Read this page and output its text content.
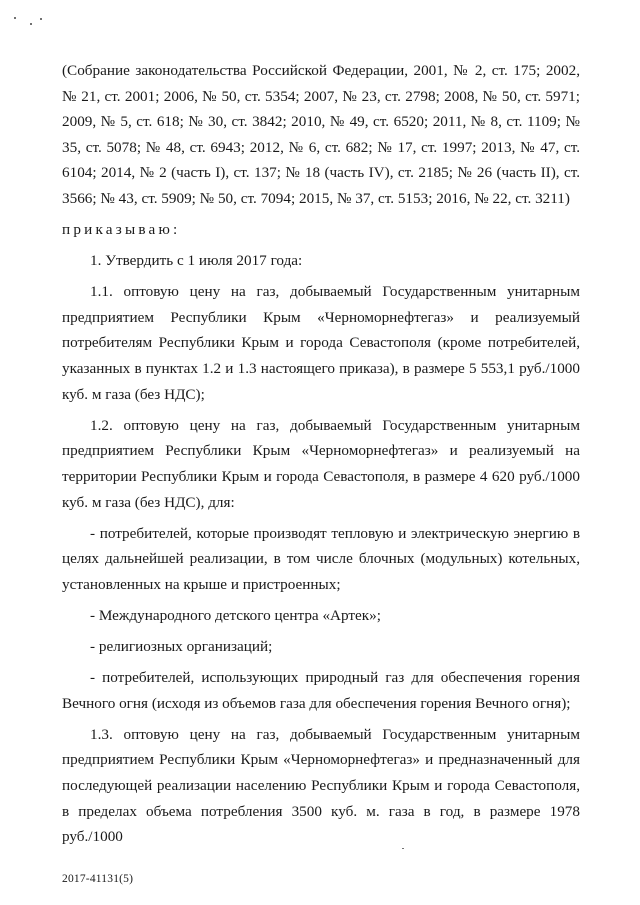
(Собрание законодательства Российской Федерации, 2001, № 2, ст. 175; 2002, № 21, ст. 2001; 2006, № 50, ст. 5354; 2007, № 23, ст. 2798; 2008, № 50, ст. 5971; 2009, № 5, ст. 618; № 30, ст. 3842; 2010, № 49, ст. 6520; 2011, № 8, ст. 1109; № 35, ст. 5078; № 48, ст. 6943; 2012, № 6, ст. 682; № 17, ст. 1997; 2013, № 47, ст. 6104; 2014, № 2 (часть I), ст. 137; № 18 (часть IV), ст. 2185; № 26 (часть II), ст. 3566; № 43, ст. 5909; № 50, ст. 7094; 2015, № 37, ст. 5153; 2016, № 22, ст. 3211)

приказываю:

1. Утвердить с 1 июля 2017 года:

1.1. оптовую цену на газ, добываемый Государственным унитарным предприятием Республики Крым «Черноморнефтегаз» и реализуемый потребителям Республики Крым и города Севастополя (кроме потребителей, указанных в пунктах 1.2 и 1.3 настоящего приказа), в размере 5 553,1 руб./1000 куб. м газа (без НДС);

1.2. оптовую цену на газ, добываемый Государственным унитарным предприятием Республики Крым «Черноморнефтегаз» и реализуемый на территории Республики Крым и города Севастополя, в размере 4 620 руб./1000 куб. м газа (без НДС), для:

- потребителей, которые производят тепловую и электрическую энергию в целях дальнейшей реализации, в том числе блочных (модульных) котельных, установленных на крыше и пристроенных;

- Международного детского центра «Артек»;

- религиозных организаций;

- потребителей, использующих природный газ для обеспечения горения Вечного огня (исходя из объемов газа для обеспечения горения Вечного огня);

1.3. оптовую цену на газ, добываемый Государственным унитарным предприятием Республики Крым «Черноморнефтегаз» и предназначенный для последующей реализации населению Республики Крым и города Севастополя, в пределах объема потребления 3500 куб. м. газа в год, в размере 1978 руб./1000

2017-41131(5)
